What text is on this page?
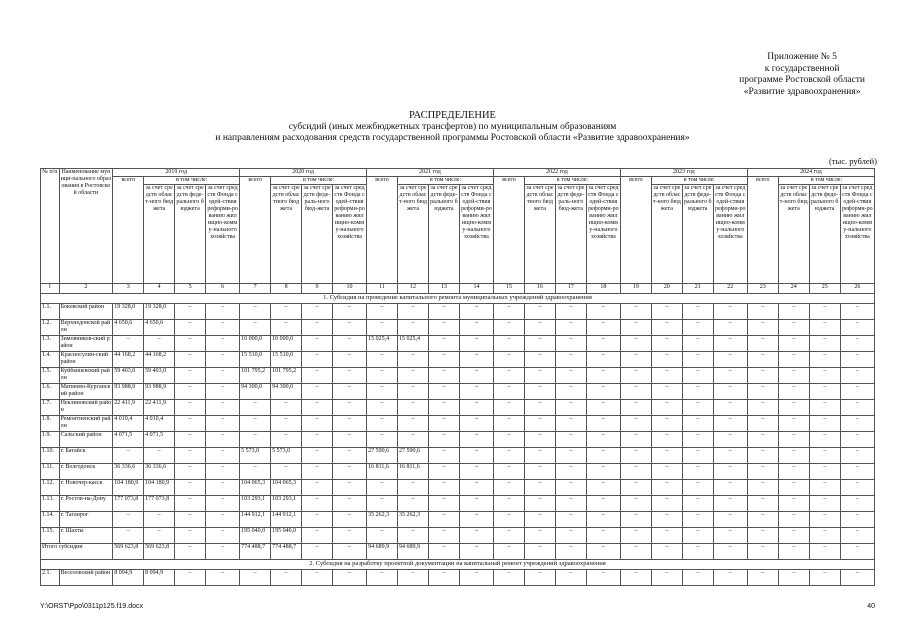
Приложение № 5
к государственной
программе Ростовской области
«Развитие здравоохранения»
РАСПРЕДЕЛЕНИЕ
субсидий (иных межбюджетных трансфертов) по муниципальным образованиям
и направлениям расходования средств государственной программы Ростовской области «Развитие здравоохранения»
(тыс. рублей)
№ п/п	Наименование муници-пального образования в Ростовской области	2019 год				2020 год				2021 год				2022 год				2023 год				2024 год			
		всего	в том числе:			всего	в том числе:			всего	в том числе:			всего	в том числе:			всего	в том числе:			всего	в том числе:		
			за счет средств област-ного бюджета	за счет средств феде-рального бюджета	за счет средств Фонда содей-ствия реформи-рованию жилищно-комму-нального хозяйства		за счет средств областного бюджета	за счет средств феде-раль-ного бюд-жета	за счет средств Фонда содей-ствия реформи-рованию жилищно-комму-нального хозяйства		за счет средств област-ного бюджета	за счет средств феде-рального бюджета	за счет средств Фонда содей-ствия реформи-рованию жилищно-комму-нального хозяйства		за счет средств областного бюджета	за счет средств феде-раль-ного бюд-жета	за счет средств Фонда содей-ствия реформи-рованию жилищно-комму-нального хозяйства		за счет средств област-ного бюджета	за счет средств феде-рального бюджета	за счет средств Фонда содей-ствия реформи-рованию жилищно-комму-нального хозяйства		за счет средств област-ного бюджета	за счет средств феде-рального бюджета	за счет средств Фонда содей-ствия реформи-рованию жилищно-комму-нального хозяйства
1	2	3	4	5	6	7	8	9	10	11	12	13	14	15	16	17	18	19	20	21	22	23	24	25	26
1. Субсидия на проведение капитального ремонта муниципальных учреждений здравоохранения																									
1.1.	Боковский район	19 328,0	19 328,0	–	–	–	–	–	–	–	–	–	–	–	–	–	–	–	–	–	–	–	–	–	–
1.2.	Верхнедонской район	4 650,6	4 650,6	–	–	–	–	–	–	–	–	–	–	–	–	–	–	–	–	–	–	–	–	–	–
1.3.	Зимовников-ский район	–	–	–	–	10 000,0	10 000,0	–	–	15 025,4	15 025,4	–	–	–	–	–	–	–	–	–	–	–	–	–	–
1.4.	Красносулин-ский район	44 168,2	44 168,2	–	–	15 510,0	15 510,0	–	–	–	–	–	–	–	–	–	–	–	–	–	–	–	–	–	–
1.5.	Куйбышевский район	59 403,0	59 403,0	–	–	101 795,2	101 795,2	–	–	–	–	–	–	–	–	–	–	–	–	–	–	–	–	–	–
1.6.	Матвеево-Курганский район	93 988,9	93 988,9	–	–	94 300,0	94 300,0	–	–	–	–	–	–	–	–	–	–	–	–	–	–	–	–	–	–
1.7.	Неклиновский район	22 411,9	22 411,9	–	–	–	–	–	–	–	–	–	–	–	–	–	–	–	–	–	–	–	–	–	–
1.8.	Ремонтненский район	4 010,4	4 010,4	–	–	–	–	–	–	–	–	–	–	–	–	–	–	–	–	–	–	–	–	–	–
1.9.	Сальский район	4 071,5	4 071,5	–	–	–	–	–	–	–	–	–	–	–	–	–	–	–	–	–	–	–	–	–	–
1.10.	г. Батайск	–	–	–	–	5 573,0	5 573,0	–	–	27 590,6	27 590,6	–	–	–	–	–	–	–	–	–	–	–	–	–	–
1.11.	г. Волгодонск	36 336,6	36 336,6	–	–	–	–	–	–	16 811,6	16 811,6	–	–	–	–	–	–	–	–	–	–	–	–	–	–
1.12.	г. Новочер-касск	104 180,9	104 180,9	–	–	104 065,3	104 065,3	–	–	–	–	–	–	–	–	–	–	–	–	–	–	–	–	–	–
1.13.	г. Ростов-на-Дону	177 073,8	177 073,8	–	–	103 293,1	103 293,1	–	–	–	–	–	–	–	–	–	–	–	–	–	–	–	–	–	–
1.14.	г. Таганрог	–	–	–	–	144 912,1	144 912,1	–	–	35 262,3	35 262,3	–	–	–	–	–	–	–	–	–	–	–	–	–	–
1.15.	г. Шахты	–	–	–	–	195 040,0	195 040,0	–	–	–	–	–	–	–	–	–	–	–	–	–	–	–	–	–	–
Итого субсидии		569 623,8	569 623,8	–	–	774 488,7	774 488,7	–	–	94 689,9	94 689,9	–	–	–	–	–	–	–	–	–	–	–	–	–	–
2. Субсидия на разработку проектной документации на капитальный ремонт учреждений здравоохранения																									
2.1.	Веселовский район	8 094,9	8 094,9	–	–	–	–	–	–	–	–	–	–	–	–	–	–	–	–	–	–	–	–	–	–
Y:\ORST\Ppo\0311p125.f19.docx	40
